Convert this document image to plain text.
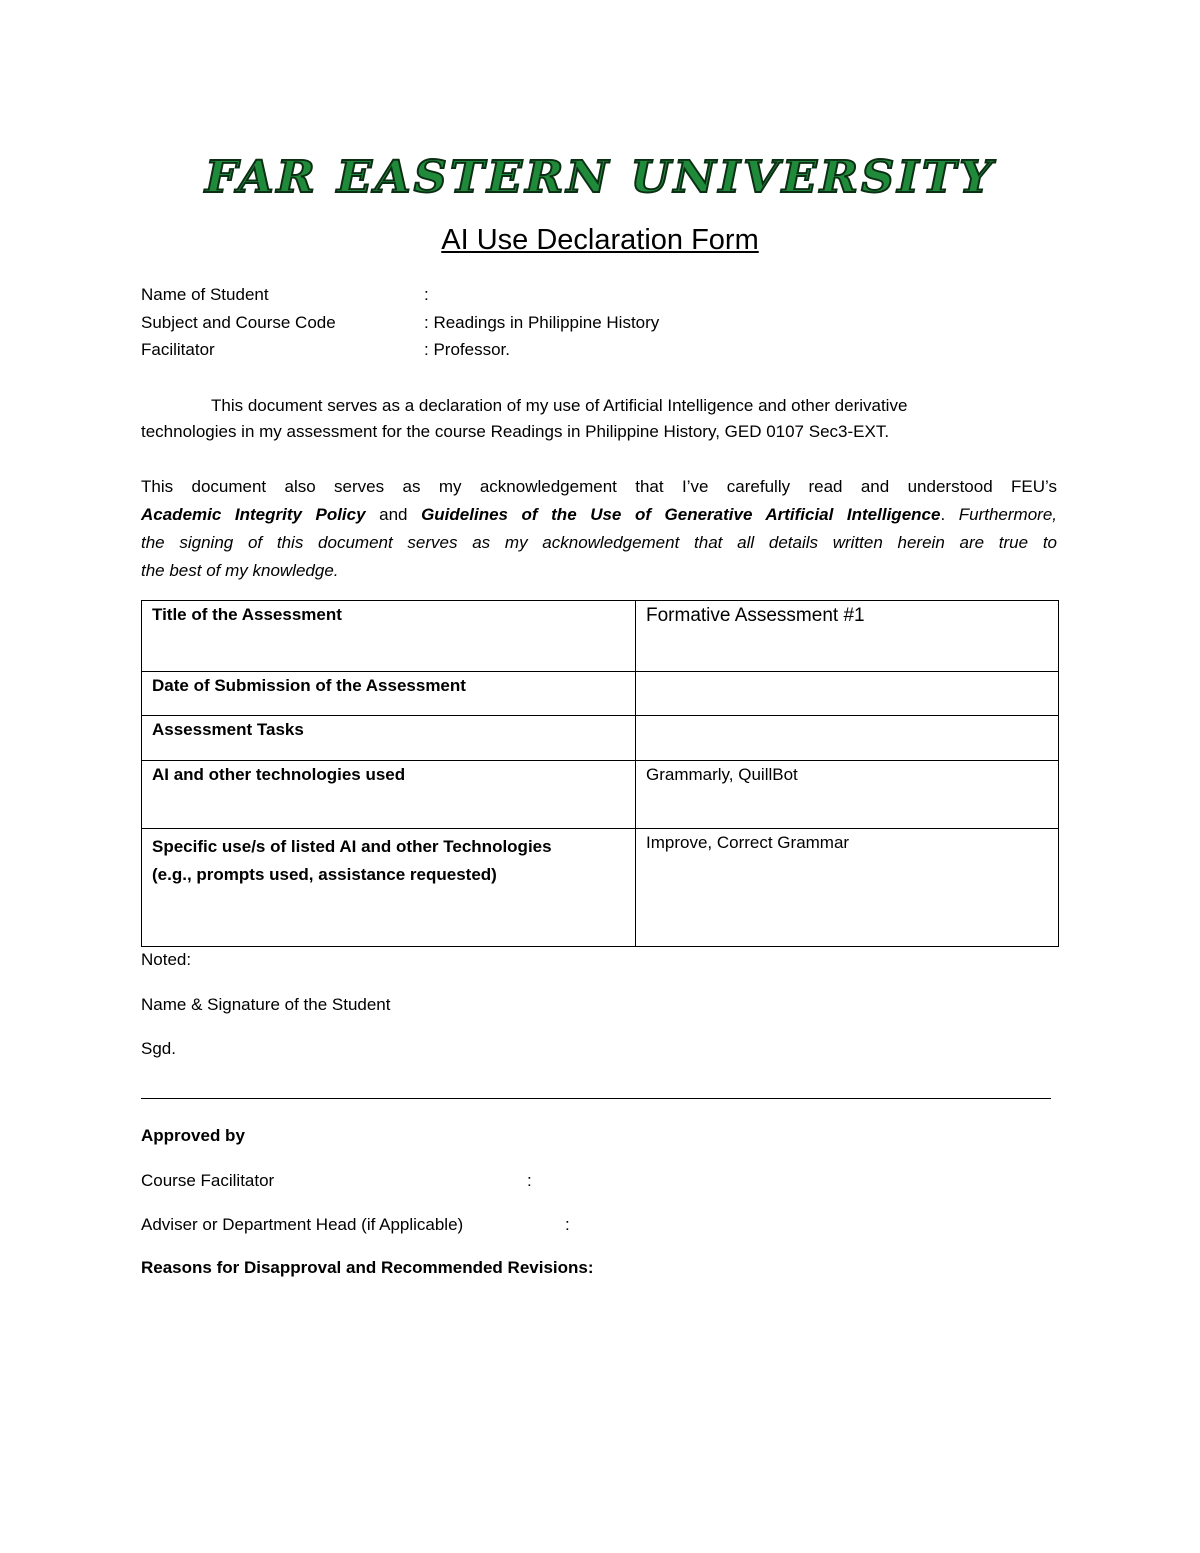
FAR EASTERN UNIVERSITY
AI Use Declaration Form
Name of Student	:
Subject and Course Code	: Readings in Philippine History
Facilitator	: Professor.
This document serves as a declaration of my use of Artificial Intelligence and other derivative
technologies in my assessment for the course Readings in Philippine History, GED 0107 Sec3-EXT.
This document also serves as my acknowledgement that I’ve carefully read and understood FEU’s
Academic Integrity Policy and Guidelines of the Use of Generative Artificial Intelligence. Furthermore,
the signing of this document serves as my acknowledgement that all details written herein are true to
the best of my knowledge.
Title of the Assessment	Formative Assessment #1
Date of Submission of the Assessment	
Assessment Tasks	
AI and other technologies used	Grammarly, QuillBot

Specific use/s of listed AI and other Technologies
(e.g., prompts used, assistance requested)	Improve, Correct Grammar
Noted:
Name & Signature of the Student
Sgd.
Approved by
Course Facilitator	:
Adviser or Department Head (if Applicable)	:
Reasons for Disapproval and Recommended Revisions:
